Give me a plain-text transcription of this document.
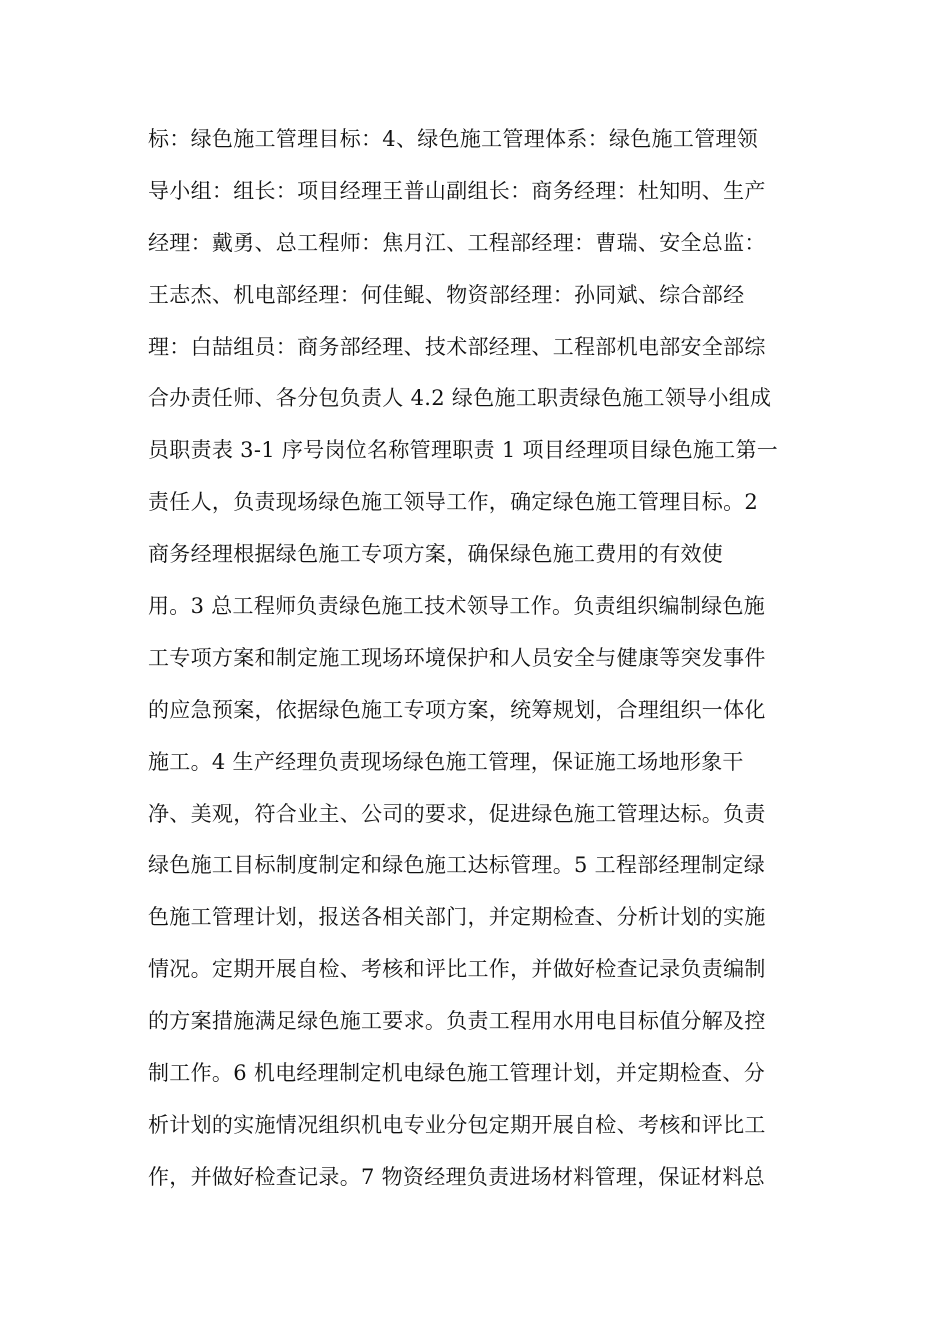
标：绿色施工管理目标：4、绿色施工管理体系：绿色施工管理领
导小组：组长：项目经理王普山副组长：商务经理：杜知明、生产
经理：戴勇、总工程师：焦月江、工程部经理：曹瑞、安全总监：
王志杰、机电部经理：何佳鲲、物资部经理：孙同斌、综合部经
理：白喆组员：商务部经理、技术部经理、工程部机电部安全部综
合办责任师、各分包负责人 4.2 绿色施工职责绿色施工领导小组成
员职责表 3-1 序号岗位名称管理职责 1 项目经理项目绿色施工第一
责任人，负责现场绿色施工领导工作，确定绿色施工管理目标。2
商务经理根据绿色施工专项方案，确保绿色施工费用的有效使
用。3 总工程师负责绿色施工技术领导工作。负责组织编制绿色施
工专项方案和制定施工现场环境保护和人员安全与健康等突发事件
的应急预案，依据绿色施工专项方案，统筹规划，合理组织一体化
施工。4 生产经理负责现场绿色施工管理，保证施工场地形象干
净、美观，符合业主、公司的要求，促进绿色施工管理达标。负责
绿色施工目标制度制定和绿色施工达标管理。5 工程部经理制定绿
色施工管理计划，报送各相关部门，并定期检查、分析计划的实施
情况。定期开展自检、考核和评比工作，并做好检查记录负责编制
的方案措施满足绿色施工要求。负责工程用水用电目标值分解及控
制工作。6 机电经理制定机电绿色施工管理计划，并定期检查、分
析计划的实施情况组织机电专业分包定期开展自检、考核和评比工
作，并做好检查记录。7 物资经理负责进场材料管理，保证材料总
